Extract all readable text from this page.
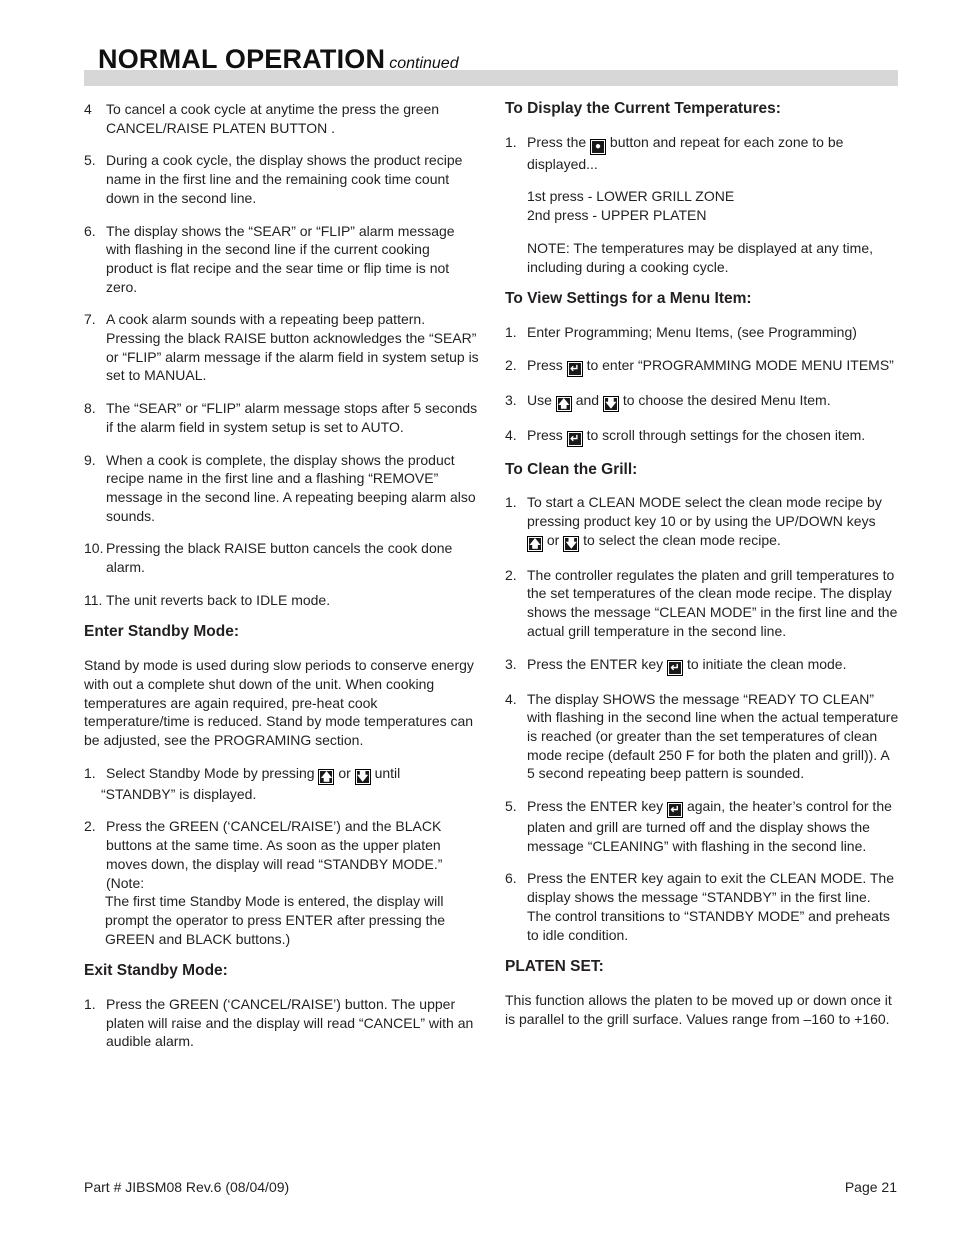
NORMAL OPERATION continued
4 To cancel a cook cycle at anytime the press the green CANCEL/RAISE PLATEN BUTTON .

5. During a cook cycle, the display shows the product recipe name in the first line and the remaining cook time count down in the second line.

6. The display shows the “SEAR” or “FLIP” alarm message with flashing in the second line if the current cooking product is flat recipe and the sear time or flip time is not zero.

7. A cook alarm sounds with a repeating beep pattern. Pressing the black RAISE button acknowledges the “SEAR” or “FLIP” alarm message if the alarm field in system setup is set to MANUAL.

8. The “SEAR” or “FLIP” alarm message stops after 5 seconds if the alarm field in system setup is set to AUTO.

9. When a cook is complete, the display shows the product recipe name in the first line and a flashing “REMOVE” message in the second line. A repeating beeping alarm also sounds.

10. Pressing the black RAISE button cancels the cook done alarm.

11. The unit reverts back to IDLE mode.

Enter Standby Mode:

Stand by mode is used during slow periods to conserve energy with out a complete shut down of the unit. When cooking temperatures are again required, pre-heat cook temperature/time is reduced. Stand by mode temperatures can be adjusted, see the PROGRAMING section.

1. Select Standby Mode by pressing 🡅 or 🡇 until
“STANDBY” is displayed.

2. Press the GREEN (‘CANCEL/RAISE’) and the BLACK buttons at the same time. As soon as the upper platen moves down, the display will read “STANDBY MODE.” (Note:

The first time Standby Mode is entered, the display will prompt the operator to press ENTER after pressing the GREEN and BLACK buttons.)

Exit Standby Mode:
1. Press the GREEN (‘CANCEL/RAISE’) button. The upper platen will raise and the display will read “CANCEL” with an audible alarm.

To Display the Current Temperatures:
1. Press the ● button and repeat for each zone to be displayed...

1st press - LOWER GRILL ZONE

2nd press - UPPER PLATEN

NOTE: The temperatures may be displayed at any time, including during a cooking cycle.

To View Settings for a Menu Item:
1. Enter Programming; Menu Items, (see Programming)

2. Press ↵ to enter “PROGRAMMING MODE MENU ITEMS”

3. Use 🡅 and 🡇 to choose the desired Menu Item.

4. Press ↵ to scroll through settings for the chosen item.

To Clean the Grill:
1. To start a CLEAN MODE select the clean mode recipe by pressing product key 10 or by using the UP/DOWN keys
🡅 or 🡇 to select the clean mode recipe.

2. The controller regulates the platen and grill temperatures to the set temperatures of the clean mode recipe. The display shows the message “CLEAN MODE” in the first line and the actual grill temperature in the second line.

3. Press the ENTER key ↵ to initiate the clean mode.

4. The display SHOWS the message “READY TO CLEAN” with flashing in the second line when the actual temperature is reached (or greater than the set temperatures of clean mode recipe (default 250 F for both the platen and grill)). A 5 second repeating beep pattern is sounded.

5. Press the ENTER key ↵ again, the heater’s control for the platen and grill are turned off and the display shows the message “CLEANING” with flashing in the second line.

6. Press the ENTER key again to exit the CLEAN MODE. The display shows the message “STANDBY” in the first line.

The control transitions to “STANDBY MODE” and preheats to idle condition.

PLATEN SET:

This function allows the platen to be moved up or down once it is parallel to the grill surface. Values range from –160 to +160.

Part # JIBSM08 Rev.6 (08/04/09)	Page 21
